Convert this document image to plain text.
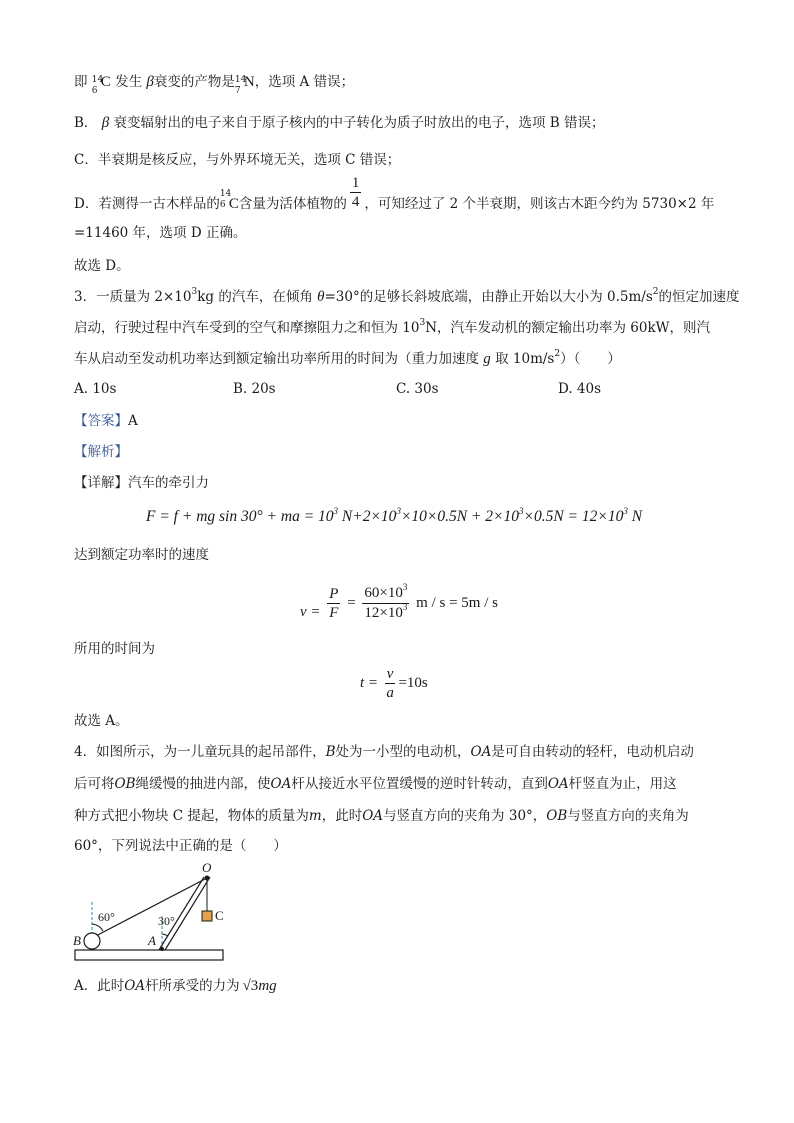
即 14
6
C 发生 β衰变的产物是 14
7
N，选项 A 错误；
B． β 衰变辐射出的电子来自于原子核内的中子转化为质子时放出的电子，选项 B 错误；
C．半衰期是核反应，与外界环境无关，选项 C 错误；
D．若测得一古木样品的
14
6 C含量为活体植物的 $\frac{1}{4}$ ，可知经过了 2 个半衰期，则该古木距今约为 5730×2 年
=11460 年，选项 D 正确。
故选 D。
3．一质量为 $2\times 10^3kg$ 的汽车，在倾角 θ=30°的足够长斜坡底端，由静止开始以大小为 $0.5m/s^2$的恒定加速度
启动，行驶过程中汽车受到的空气和摩擦阻力之和恒为 $10^3N$，汽车发动机的额定输出功率为 60kW，则汽
车从启动至发动机功率达到额定输出功率所用的时间为（重力加速度 g 取 $10m/s^2$）（　　）
A. 10s	B. 20s	C. 30s	D. 40s
【答案】A
【解析】
【详解】汽车的牵引力
F = f + mg sin 30° + ma = $10^3$ $N+2\times 10^3\times 10\times 0.5N + 2\times 10^3\times 0.5N = 12\times 10^3$ N
达到额定功率时的速度
$v = \frac{P}{F} = \frac{60\times 10^3}{12\times 10^3}$ m / s = 5m / s
所用的时间为
$t = \frac{v}{a} =10s$
故选 A。
4．如图所示，为一儿童玩具的起吊部件，B处为一小型的电动机，OA是可自由转动的轻杆，电动机启动
后可将OB绳缓慢的抽进内部，使OA杆从接近水平位置缓慢的逆时针转动，直到OA杆竖直为止，用这
种方式把小物块 C 提起，物体的质量为m，此时OA与竖直方向的夹角为 30°，OB与竖直方向的夹角为
60°，下列说法中正确的是（　　）
O
B	A
C
60°	30°
A．此时OA杆所承受的力为 √3mg
